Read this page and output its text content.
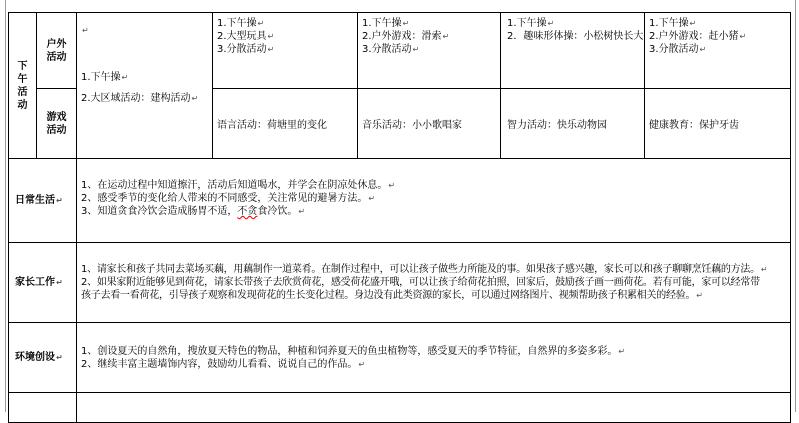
下
午
活
动	户外
活动	↵
1.下午操↵
2.大区域活动：建构活动↵	1.下午操↵
2.大型玩具↵
3.分散活动↵	1.下午操↵
2.户外游戏：滑索↵
3.分散活动↵	1.下午操↵
2．趣味形体操：小松树快长大	1.下午操↵
2.户外游戏：赶小猪↵
3.分散活动↵

	游戏
活动		语言活动：荷塘里的变化	音乐活动：小小歌唱家	智力活动：快乐动物园	健康教育：保护牙齿

日常生活↵		1、在运动过程中知道擦汗，活动后知道喝水，并学会在阴凉处休息。↵
2、感受季节的变化给人带来的不同感受，关注常见的避暑方法。↵
3、知道贪食冷饮会造成肠胃不适，不贪食冷饮。↵				

家长工作↵		1、请家长和孩子共同去菜场买藕，用藕制作一道菜肴。在制作过程中，可以让孩子做些力所能及的事。如果孩子感兴趣，家长可以和孩子聊聊烹饪藕的方法。↵
2、如果家附近能够见到荷花，请家长带孩子去欣赏荷花，感受荷花盛开哦，可以让孩子给荷花拍照，回家后，鼓励孩子画一画荷花。若有可能，家可以经常带
孩子去看一看荷花，引导孩子观察和发现荷花的生长变化过程。身边没有此类资源的家长，可以通过网络图片、视频帮助孩子积累相关的经验。↵				

环境创设↵		1、创设夏天的自然角，搜放夏天特色的物品，种植和饲养夏天的鱼虫植物等，感受夏天的季节特征，自然界的多姿多彩。↵
2、继续丰富主题墙饰内容，鼓励幼儿看看、说说自己的作品。↵				
